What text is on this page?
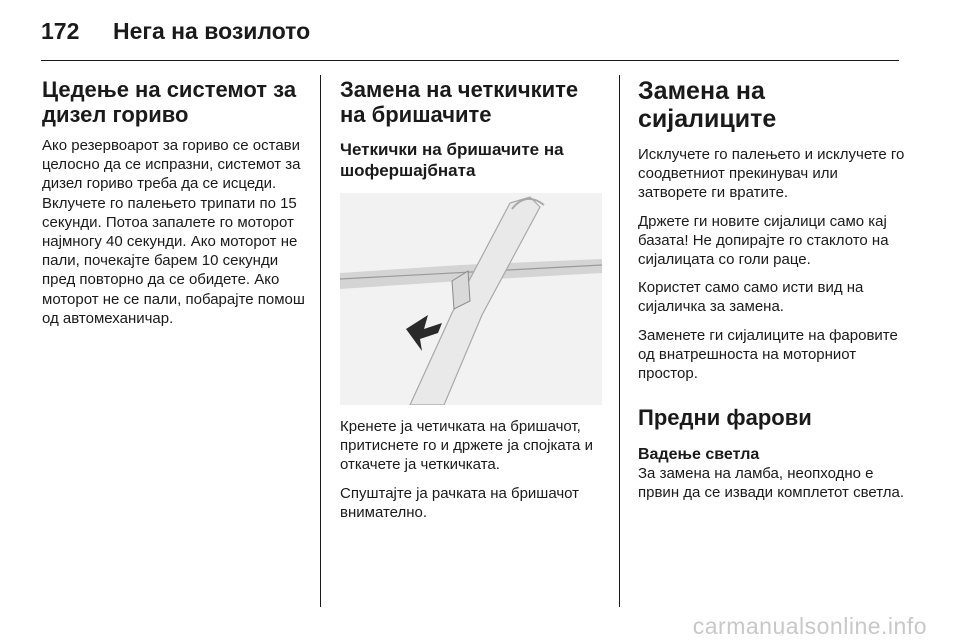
172 Нега на возилото
Цедење на системот за дизел гориво

Ако резервоарот за гориво се остави целосно да се испразни, системот за дизел гориво треба да се исцеди. Вклучете го палењето трипати по 15 секунди. Потоа запалете го моторот најмногу 40 секунди. Ако моторот не пали, почекајте барем 10 секунди пред повторно да се обидете. Ако моторот не се пали, побарајте помош од автомеханичар.

Замена на четкичките на бришачите
Четкички на бришачите на шофершајбната

Кренете ја четичката на бришачот, притиснете го и држете ја спојката и откачете ја четкичката.

Спуштајте ја рачката на бришачот внимателно.

Замена на сијалиците

Исклучете го палењето и исклучете го соодветниот прекинувач или затворете ги вратите.

Држете ги новите сијалици само кај базата! Не допирајте го стаклото на сијалицата со голи раце.

Користет само само исти вид на сијаличка за замена.

Заменете ги сијалиците на фаровите од внатрешноста на моторниот простор.

Предни фарови
Вадење светла

За замена на ламба, неопходно е првин да се извади комплетот светла.

carmanualsonline.info
